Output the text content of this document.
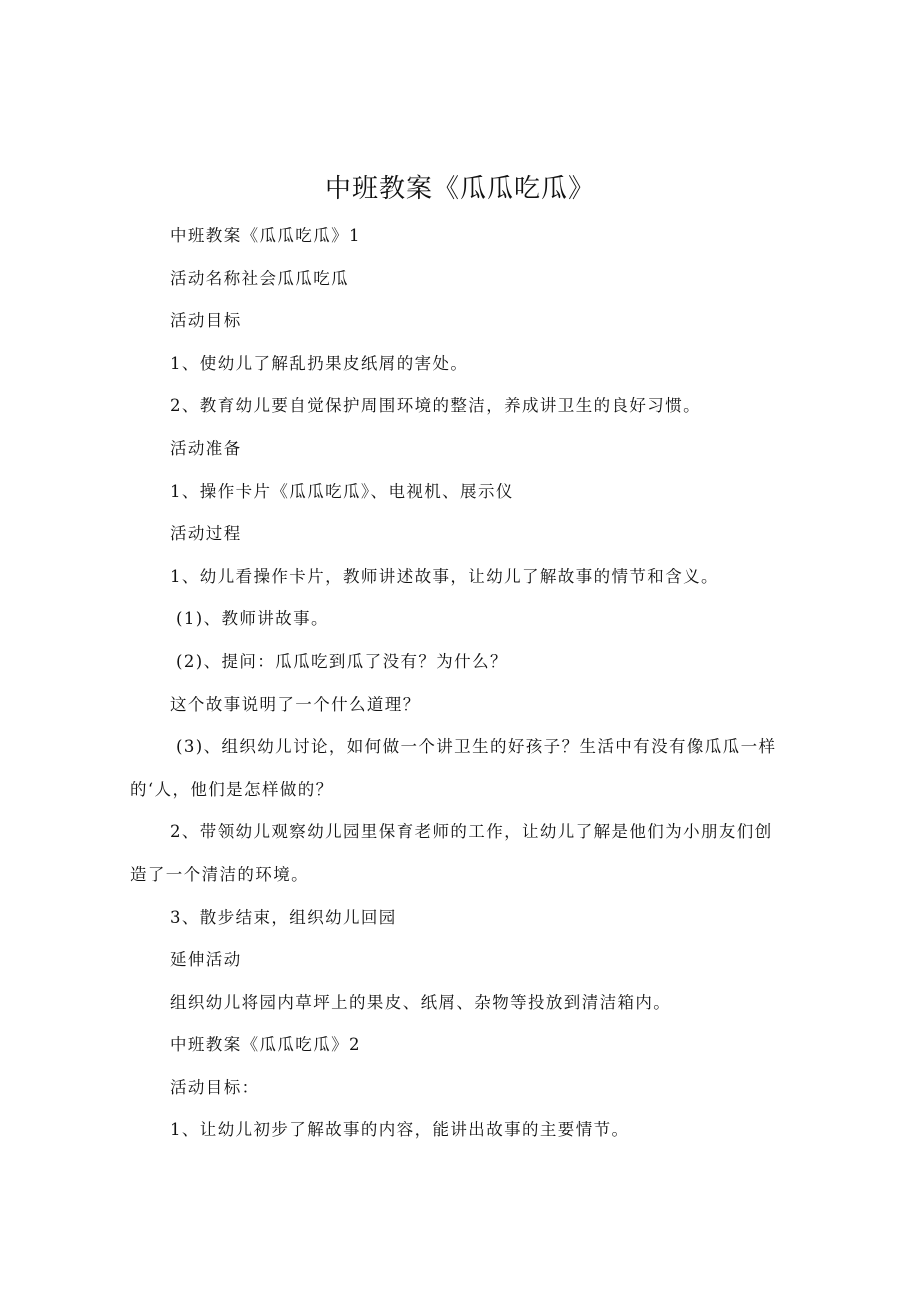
中班教案《瓜瓜吃瓜》

中班教案《瓜瓜吃瓜》1

活动名称社会瓜瓜吃瓜

活动目标

1、使幼儿了解乱扔果皮纸屑的害处。

2、教育幼儿要自觉保护周围环境的整洁，养成讲卫生的良好习惯。

活动准备

1、操作卡片《瓜瓜吃瓜》、电视机、展示仪

活动过程

1、幼儿看操作卡片，教师讲述故事，让幼儿了解故事的情节和含义。

(1)、教师讲故事。

(2)、提问：瓜瓜吃到瓜了没有？为什么？

这个故事说明了一个什么道理？

(3)、组织幼儿讨论，如何做一个讲卫生的好孩子？生活中有没有像瓜瓜一样的‘人，他们是怎样做的？

2、带领幼儿观察幼儿园里保育老师的工作，让幼儿了解是他们为小朋友们创造了一个清洁的环境。

3、散步结束，组织幼儿回园

延伸活动

组织幼儿将园内草坪上的果皮、纸屑、杂物等投放到清洁箱内。

中班教案《瓜瓜吃瓜》2

活动目标：

1、让幼儿初步了解故事的内容，能讲出故事的主要情节。
